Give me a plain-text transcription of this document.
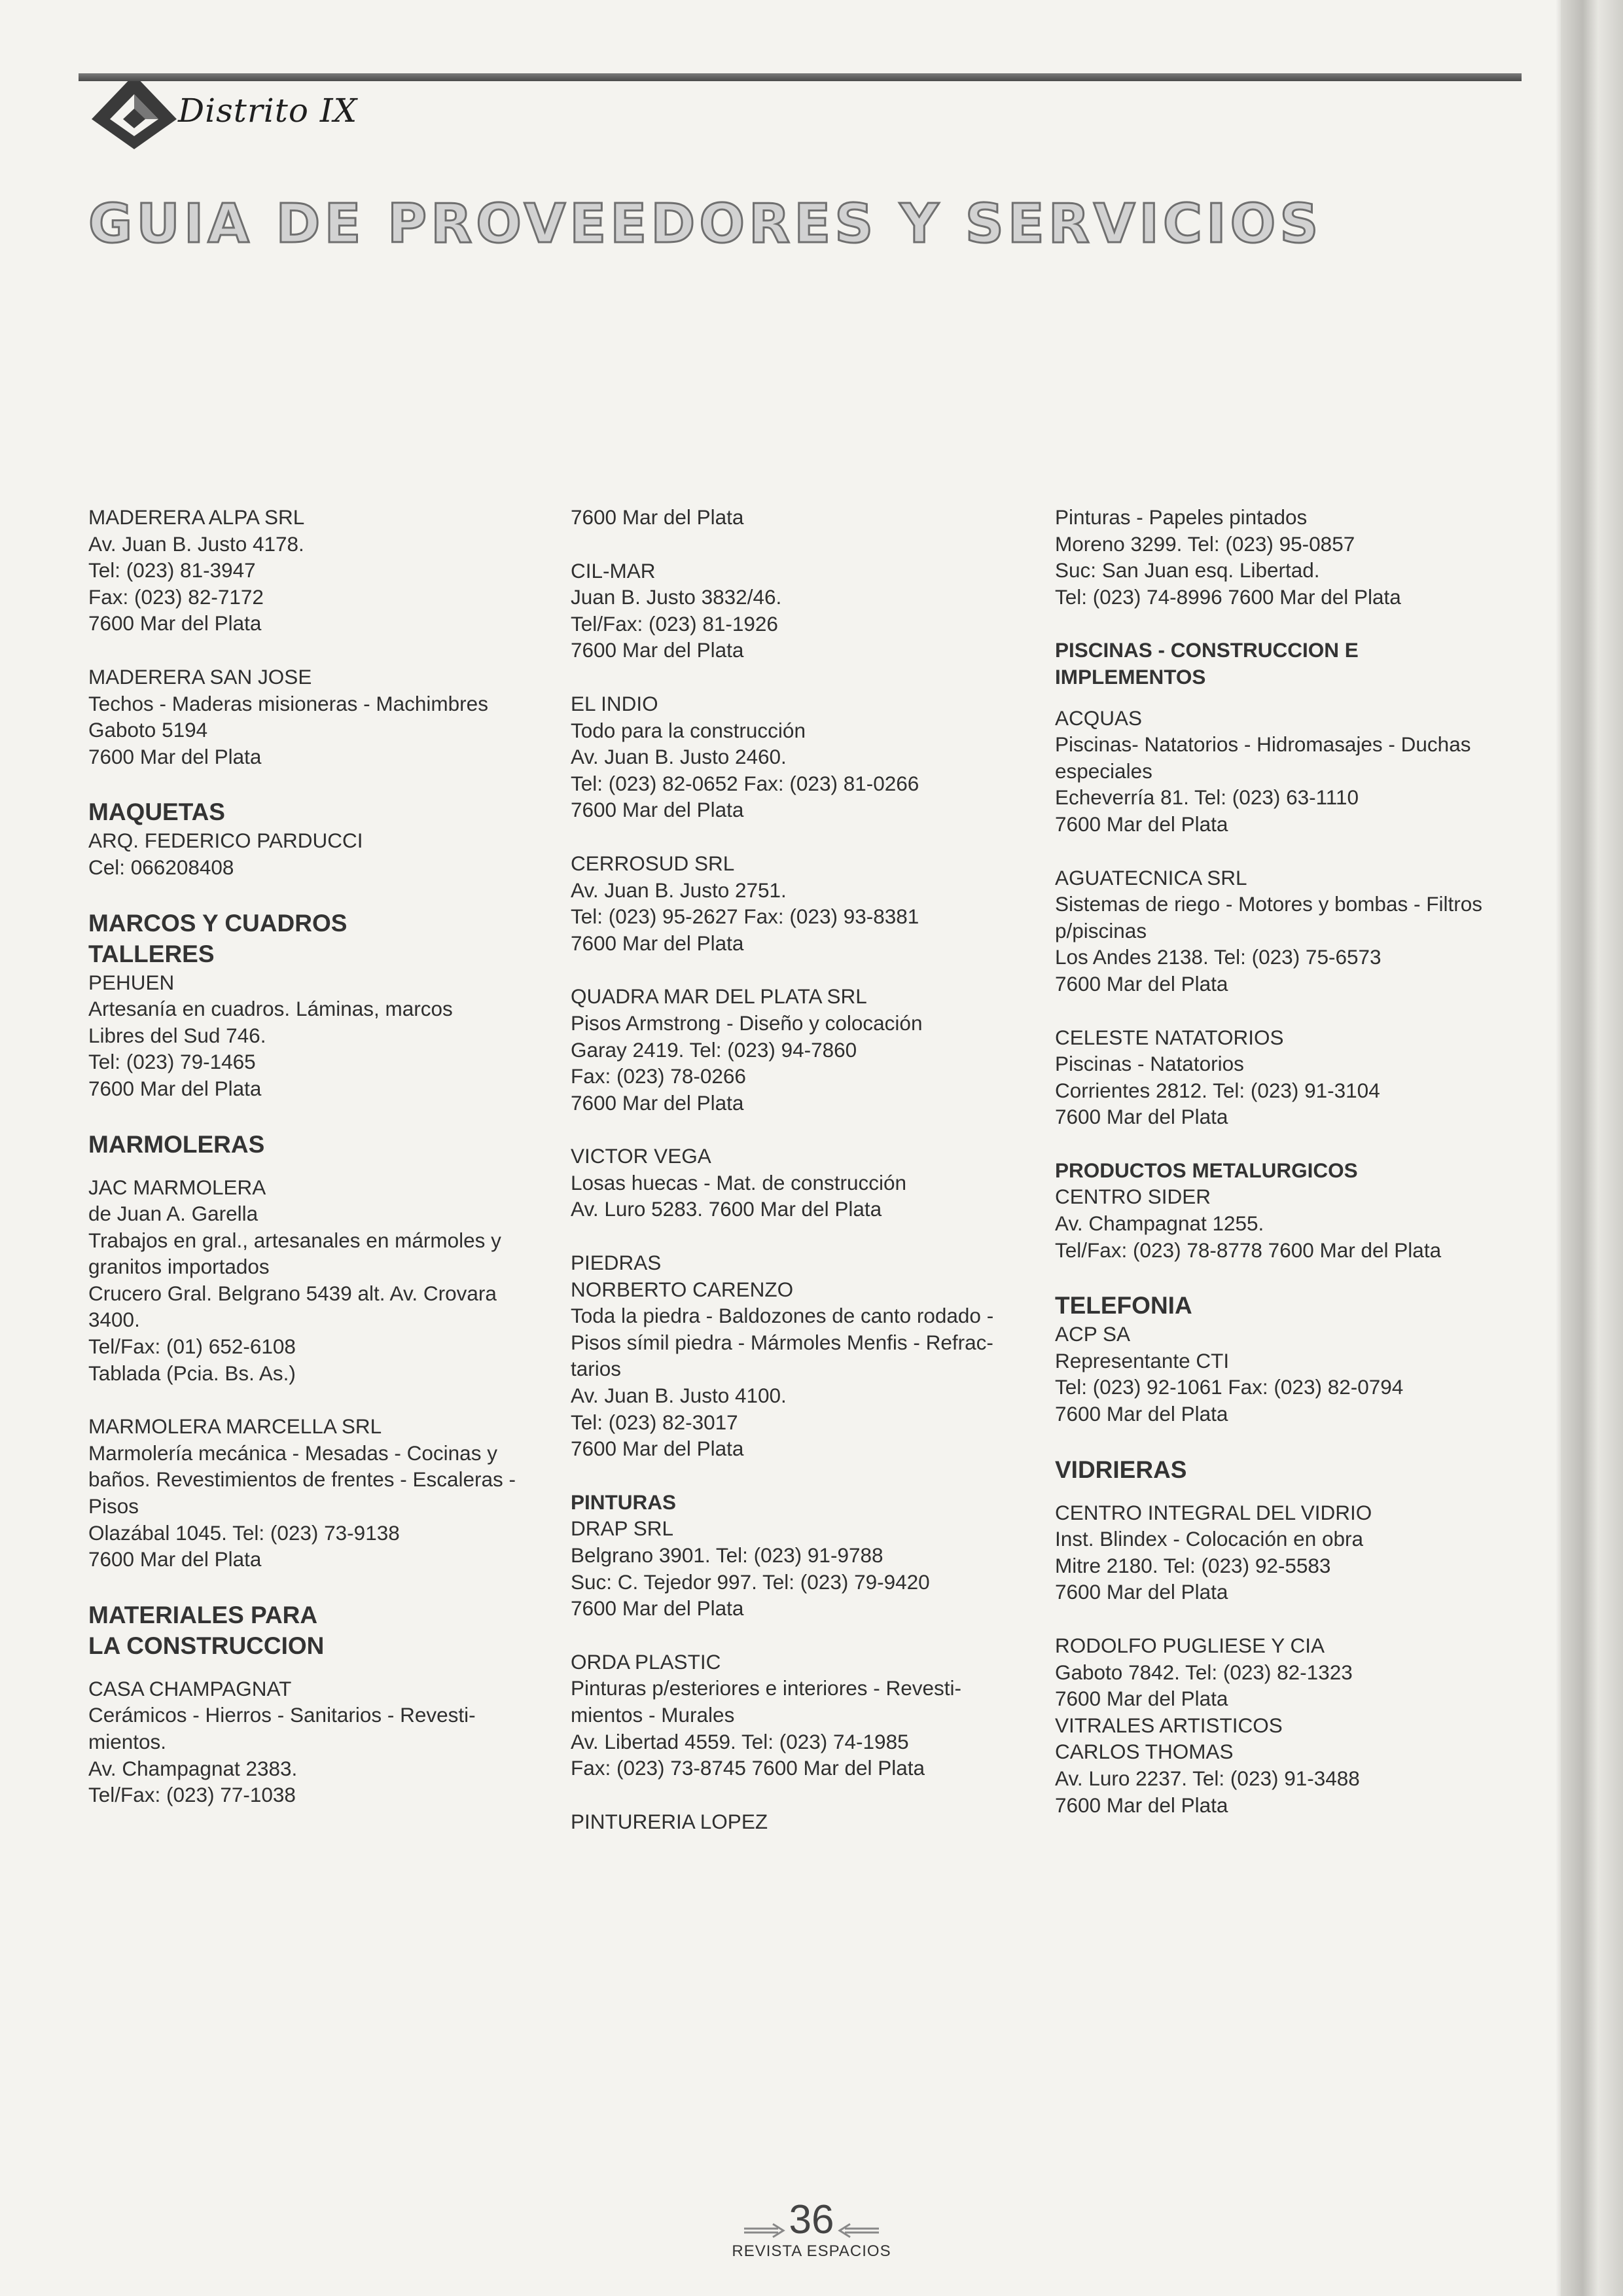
Distrito IX
GUIA DE PROVEEDORES Y SERVICIOS
MADERERA ALPA SRL
Av. Juan B. Justo 4178.
Tel: (023) 81-3947
Fax: (023) 82-7172
7600 Mar del Plata
MADERERA SAN JOSE
Techos - Maderas misioneras - Machimbres
Gaboto 5194
7600 Mar del Plata
MAQUETAS
ARQ. FEDERICO PARDUCCI
Cel: 066208408
MARCOS Y CUADROS
TALLERES
PEHUEN
Artesanía en cuadros. Láminas, marcos
Libres del Sud 746.
Tel: (023) 79-1465
7600 Mar del Plata
MARMOLERAS
JAC MARMOLERA
de Juan A. Garella
Trabajos en gral., artesanales en mármoles y
granitos importados
Crucero Gral. Belgrano 5439 alt. Av. Crovara
3400.
Tel/Fax: (01) 652-6108
Tablada (Pcia. Bs. As.)
MARMOLERA MARCELLA SRL
Marmolería mecánica - Mesadas - Cocinas y
baños. Revestimientos de frentes - Escaleras -
Pisos
Olazábal 1045. Tel: (023) 73-9138
7600 Mar del Plata
MATERIALES PARA
LA CONSTRUCCION
CASA CHAMPAGNAT
Cerámicos - Hierros - Sanitarios - Revesti-
mientos.
Av. Champagnat 2383.
Tel/Fax: (023) 77-1038
7600 Mar del Plata
CIL-MAR
Juan B. Justo 3832/46.
Tel/Fax: (023) 81-1926
7600 Mar del Plata
EL INDIO
Todo para la construcción
Av. Juan B. Justo 2460.
Tel: (023) 82-0652 Fax: (023) 81-0266
7600 Mar del Plata
CERROSUD SRL
Av. Juan B. Justo 2751.
Tel: (023) 95-2627 Fax: (023) 93-8381
7600 Mar del Plata
QUADRA MAR DEL PLATA SRL
Pisos Armstrong - Diseño y colocación
Garay 2419. Tel: (023) 94-7860
Fax: (023) 78-0266
7600 Mar del Plata
VICTOR VEGA
Losas huecas - Mat. de construcción
Av. Luro 5283. 7600 Mar del Plata
PIEDRAS
NORBERTO CARENZO
Toda la piedra - Baldozones de canto rodado -
Pisos símil piedra - Mármoles Menfis - Refrac-
tarios
Av. Juan B. Justo 4100.
Tel: (023) 82-3017
7600 Mar del Plata
PINTURAS
DRAP SRL
Belgrano 3901. Tel: (023) 91-9788
Suc: C. Tejedor 997. Tel: (023) 79-9420
7600 Mar del Plata
ORDA PLASTIC
Pinturas p/esteriores e interiores - Revesti-
mientos - Murales
Av. Libertad 4559. Tel: (023) 74-1985
Fax: (023) 73-8745 7600 Mar del Plata
PINTURERIA LOPEZ
Pinturas - Papeles pintados
Moreno 3299. Tel: (023) 95-0857
Suc: San Juan esq. Libertad.
Tel: (023) 74-8996 7600 Mar del Plata
PISCINAS - CONSTRUCCION E
IMPLEMENTOS
ACQUAS
Piscinas- Natatorios - Hidromasajes - Duchas
especiales
Echeverría 81. Tel: (023) 63-1110
7600 Mar del Plata
AGUATECNICA SRL
Sistemas de riego - Motores y bombas - Filtros
p/piscinas
Los Andes 2138. Tel: (023) 75-6573
7600 Mar del Plata
CELESTE NATATORIOS
Piscinas - Natatorios
Corrientes 2812. Tel: (023) 91-3104
7600 Mar del Plata
PRODUCTOS METALURGICOS
CENTRO SIDER
Av. Champagnat 1255.
Tel/Fax: (023) 78-8778 7600 Mar del Plata
TELEFONIA
ACP SA
Representante CTI
Tel: (023) 92-1061 Fax: (023) 82-0794
7600 Mar del Plata
VIDRIERAS
CENTRO INTEGRAL DEL VIDRIO
Inst. Blindex - Colocación en obra
Mitre 2180. Tel: (023) 92-5583
7600 Mar del Plata
RODOLFO PUGLIESE Y CIA
Gaboto 7842. Tel: (023) 82-1323
7600 Mar del Plata
VITRALES ARTISTICOS
CARLOS THOMAS
Av. Luro 2237. Tel: (023) 91-3488
7600 Mar del Plata
36
REVISTA ESPACIOS
